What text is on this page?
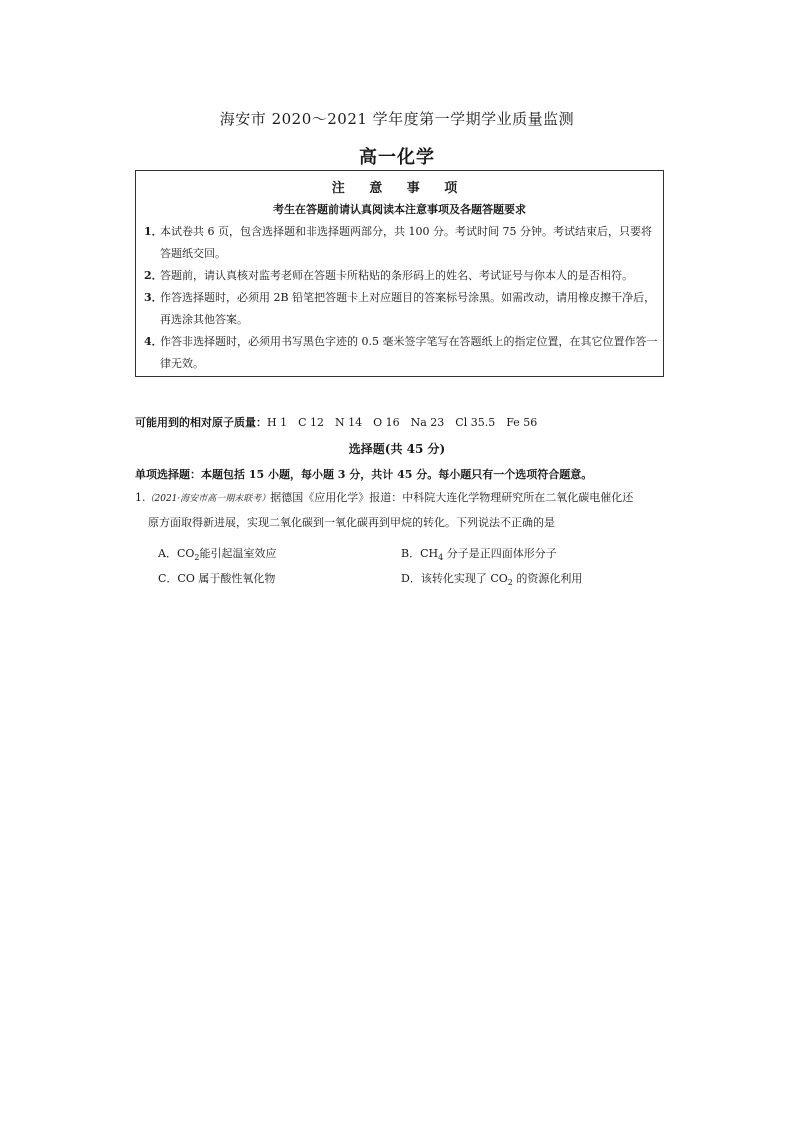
海安市 2020～2021 学年度第一学期学业质量监测
高一化学
注 意 事 项
考生在答题前请认真阅读本注意事项及各题答题要求
1．
本试卷共 6 页，包含选择题和非选择题两部分，共 100 分。考试时间 75 分钟。考试结束后，只要将答题纸交回。
2．
答题前，请认真核对监考老师在答题卡所粘贴的条形码上的姓名、考试证号与你本人的是否相符。
3．
作答选择题时，必须用 2B 铅笔把答题卡上对应题目的答案标号涂黑。如需改动，请用橡皮擦干净后，再选涂其他答案。
4．
作答非选择题时，必须用书写黑色字迹的 0.5 毫米签字笔写在答题纸上的指定位置，在其它位置作答一律无效。
可能用到的相对原子质量：H 1　C 12　N 14　O 16　Na 23　Cl 35.5　Fe 56
选择题(共 45 分)
单项选择题：本题包括 15 小题，每小题 3 分，共计 45 分。每小题只有一个选项符合题意。
1.（2021·海安市高一期末联考）据德国《应用化学》报道：中科院大连化学物理研究所在二氧化碳电催化还
原方面取得新进展，实现二氧化碳到一氧化碳再到甲烷的转化。下列说法不正确的是
A．$CO_2$能引起温室效应	B．$CH_4$ 分子是正四面体形分子
C．CO 属于酸性氧化物	D．该转化实现了 $CO_2$ 的资源化利用
